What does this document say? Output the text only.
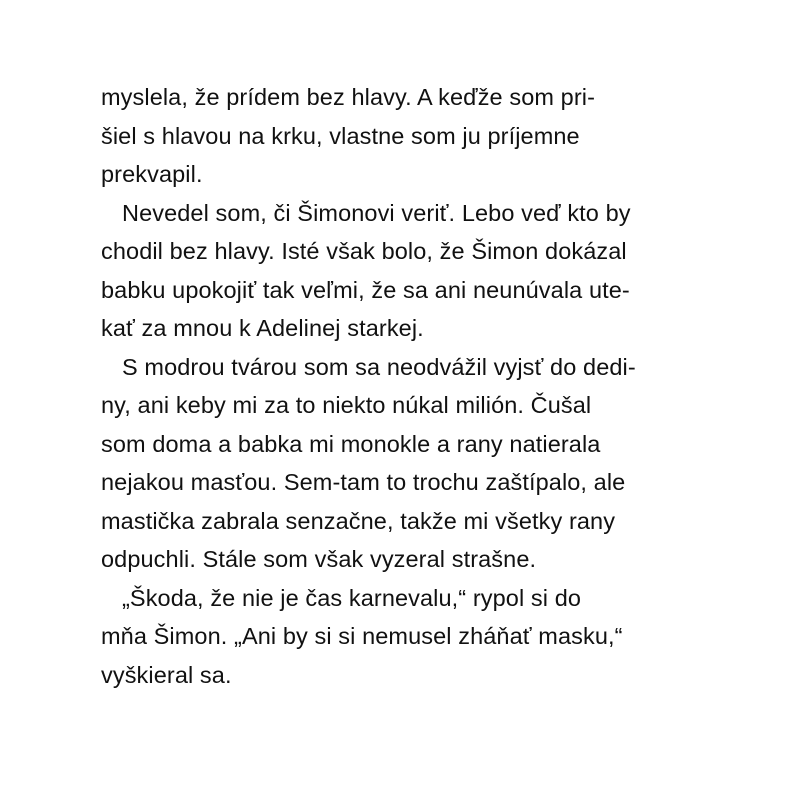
myslela, že prídem bez hlavy. A keďže som pri-
šiel s hlavou na krku, vlastne som ju príjemne
prekvapil.
Nevedel som, či Šimonovi veriť. Lebo veď kto by
chodil bez hlavy. Isté však bolo, že Šimon dokázal
babku upokojiť tak veľmi, že sa ani neunúvala ute-
kať za mnou k Adelinej starkej.
S modrou tvárou som sa neodvážil vyjsť do dedi-
ny, ani keby mi za to niekto núkal milión. Čušal
som doma a babka mi monokle a rany natierala
nejakou masťou. Sem-tam to trochu zaštípalo, ale
mastička zabrala senzačne, takže mi všetky rany
odpuchli. Stále som však vyzeral strašne.
„Škoda, že nie je čas karnevalu,“ rypol si do
mňa Šimon. „Ani by si si nemusel zháňať masku,“
vyškieral sa.
